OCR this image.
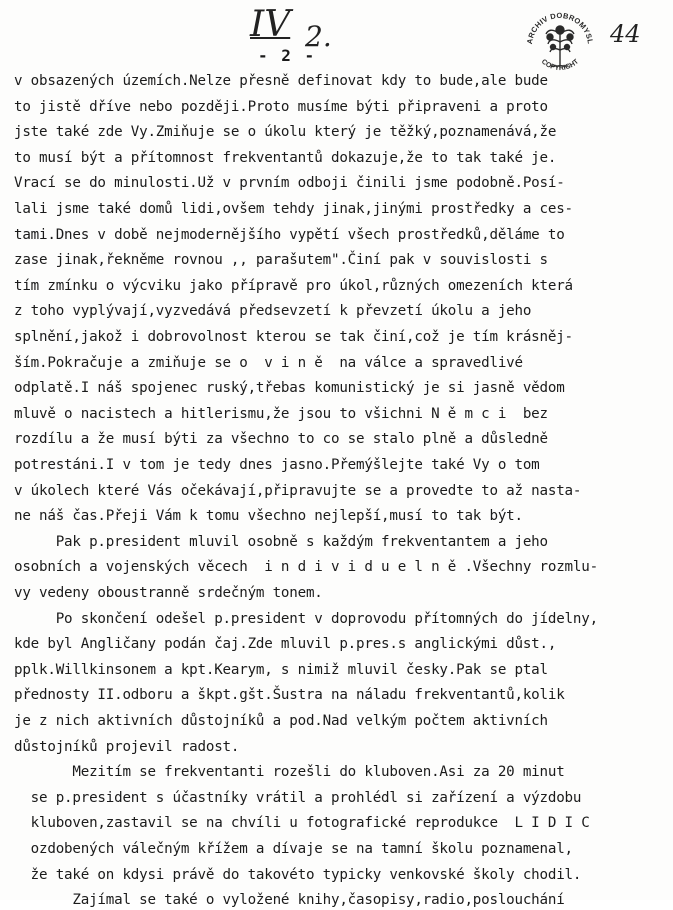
IV 2.	44
- 2 -
ARCHIV DOBROMYSL
COPYRIGHT
v obsazených územích.Nelze přesně definovat kdy to bude,ale bude
to jistě dříve nebo později.Proto musíme býti připraveni a proto
jste také zde Vy.Zmiňuje se o úkolu který je těžký,poznamenává,že
to musí být a přítomnost frekventantů dokazuje,že to tak také je.
Vrací se do minulosti.Už v prvním odboji činili jsme podobně.Posí-
lali jsme také domů lidi,ovšem tehdy jinak,jinými prostředky a ces-
tami.Dnes v době nejmodernějšího vypětí všech prostředků,děláme to
zase jinak,řekněme rovnou ,, parašutem".Činí pak v souvislosti s
tím zmínku o výcviku jako přípravě pro úkol,různých omezeních která
z toho vyplývají,vyzvedává předsevzetí k převzetí úkolu a jeho
splnění,jakož i dobrovolnost kterou se tak činí,což je tím krásněj-
ším.Pokračuje a zmiňuje se o  v i n ě  na válce a spravedlivé
odplatě.I náš spojenec ruský,třebas komunistický je si jasně vědom
mluvě o nacistech a hitlerismu,že jsou to všichni N ě m c i  bez
rozdílu a že musí býti za všechno to co se stalo plně a důsledně
potrestáni.I v tom je tedy dnes jasno.Přemýšlejte také Vy o tom
v úkolech které Vás očekávají,připravujte se a provedte to až nasta-
ne náš čas.Přeji Vám k tomu všechno nejlepší,musí to tak být.
Pak p.president mluvil osobně s každým frekventantem a jeho
osobních a vojenských věcech  i n d i v i d u e l n ě .Všechny rozmlu-
vy vedeny oboustranně srdečným tonem.
Po skončení odešel p.president v doprovodu přítomných do jídelny,
kde byl Angličany podán čaj.Zde mluvil p.pres.s anglickými důst.,
pplk.Willkinsonem a kpt.Kearym, s nimiž mluvil česky.Pak se ptal
přednosty II.odboru a škpt.gšt.Šustra na náladu frekventantů,kolik
je z nich aktivních důstojníků a pod.Nad velkým počtem aktivních
důstojníků projevil radost.
Mezitím se frekventanti rozešli do kluboven.Asi za 20 minut
se p.president s účastníky vrátil a prohlédl si zařízení a výzdobu
kluboven,zastavil se na chvíli u fotografické reprodukce  L I D I C
ozdobených válečným křížem a dívaje se na tamní školu poznamenal,
že také on kdysi právě do takovéto typicky venkovské školy chodil.
Zajímal se také o vyložené knihy,časopisy,radio,poslouchání
